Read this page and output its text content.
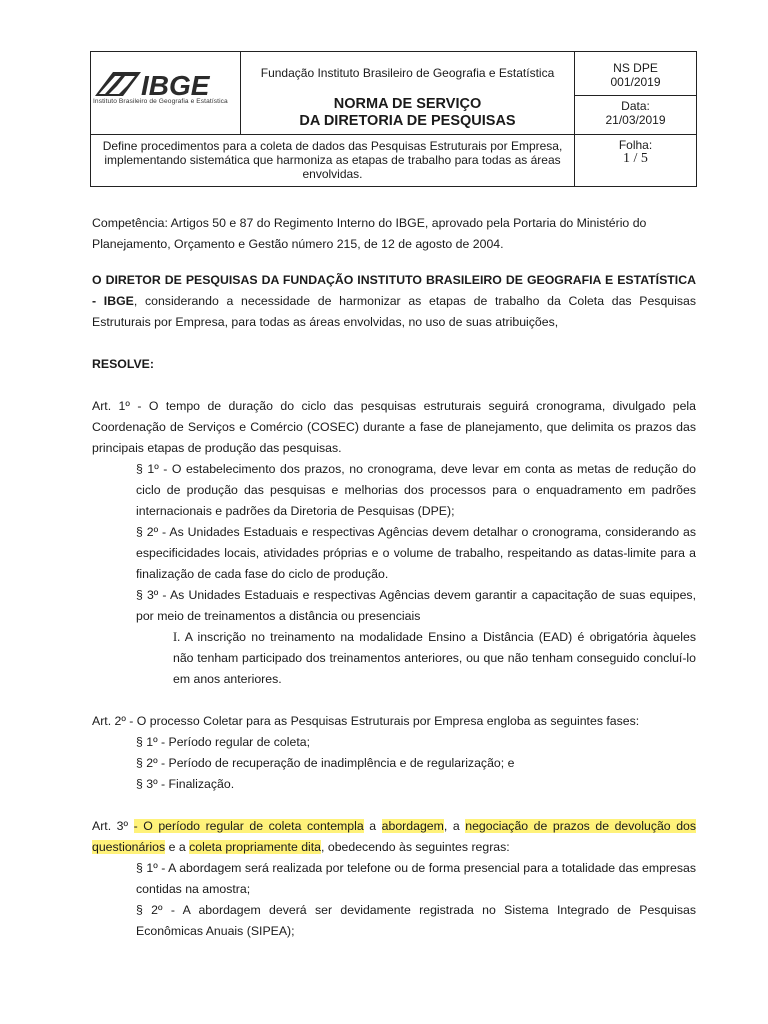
IBGE
Instituto Brasileiro de Geografia e Estatística
Fundação Instituto Brasileiro de Geografia e Estatística
NORMA DE SERVIÇO
DA DIRETORIA DE PESQUISAS
NS DPE
001/2019
Data:
21/03/2019
Define procedimentos para a coleta de dados das Pesquisas Estruturais por Empresa, implementando sistemática que harmoniza as etapas de trabalho para todas as áreas envolvidas.
Folha:
1 / 5
Competência: Artigos 50 e 87 do Regimento Interno do IBGE, aprovado pela Portaria do Ministério do
Planejamento, Orçamento e Gestão número 215, de 12 de agosto de 2004.
O DIRETOR DE PESQUISAS DA FUNDAÇÃO INSTITUTO BRASILEIRO DE GEOGRAFIA E ESTATÍSTICA - IBGE, considerando a necessidade de harmonizar as etapas de trabalho da Coleta das Pesquisas Estruturais por Empresa, para todas as áreas envolvidas, no uso de suas atribuições,
RESOLVE:
Art. 1º - O tempo de duração do ciclo das pesquisas estruturais seguirá cronograma, divulgado pela Coordenação de Serviços e Comércio (COSEC) durante a fase de planejamento, que delimita os prazos das principais etapas de produção das pesquisas.
§ 1º - O estabelecimento dos prazos, no cronograma, deve levar em conta as metas de redução do ciclo de produção das pesquisas e melhorias dos processos para o enquadramento em padrões internacionais e padrões da Diretoria de Pesquisas (DPE);
§ 2º - As Unidades Estaduais e respectivas Agências devem detalhar o cronograma, considerando as especificidades locais, atividades próprias e o volume de trabalho, respeitando as datas-limite para a finalização de cada fase do ciclo de produção.
§ 3º - As Unidades Estaduais e respectivas Agências devem garantir a capacitação de suas equipes, por meio de treinamentos a distância ou presenciais
I. A inscrição no treinamento na modalidade Ensino a Distância (EAD) é obrigatória àqueles não tenham participado dos treinamentos anteriores, ou que não tenham conseguido concluí-lo em anos anteriores.
Art. 2º - O processo Coletar para as Pesquisas Estruturais por Empresa engloba as seguintes fases:
§ 1º - Período regular de coleta;
§ 2º - Período de recuperação de inadimplência e de regularização; e
§ 3º - Finalização.
Art. 3º - O período regular de coleta contempla a abordagem, a negociação de prazos de devolução dos questionários e a coleta propriamente dita, obedecendo às seguintes regras:
§ 1º - A abordagem será realizada por telefone ou de forma presencial para a totalidade das empresas contidas na amostra;
§ 2º - A abordagem deverá ser devidamente registrada no Sistema Integrado de Pesquisas Econômicas Anuais (SIPEA);
